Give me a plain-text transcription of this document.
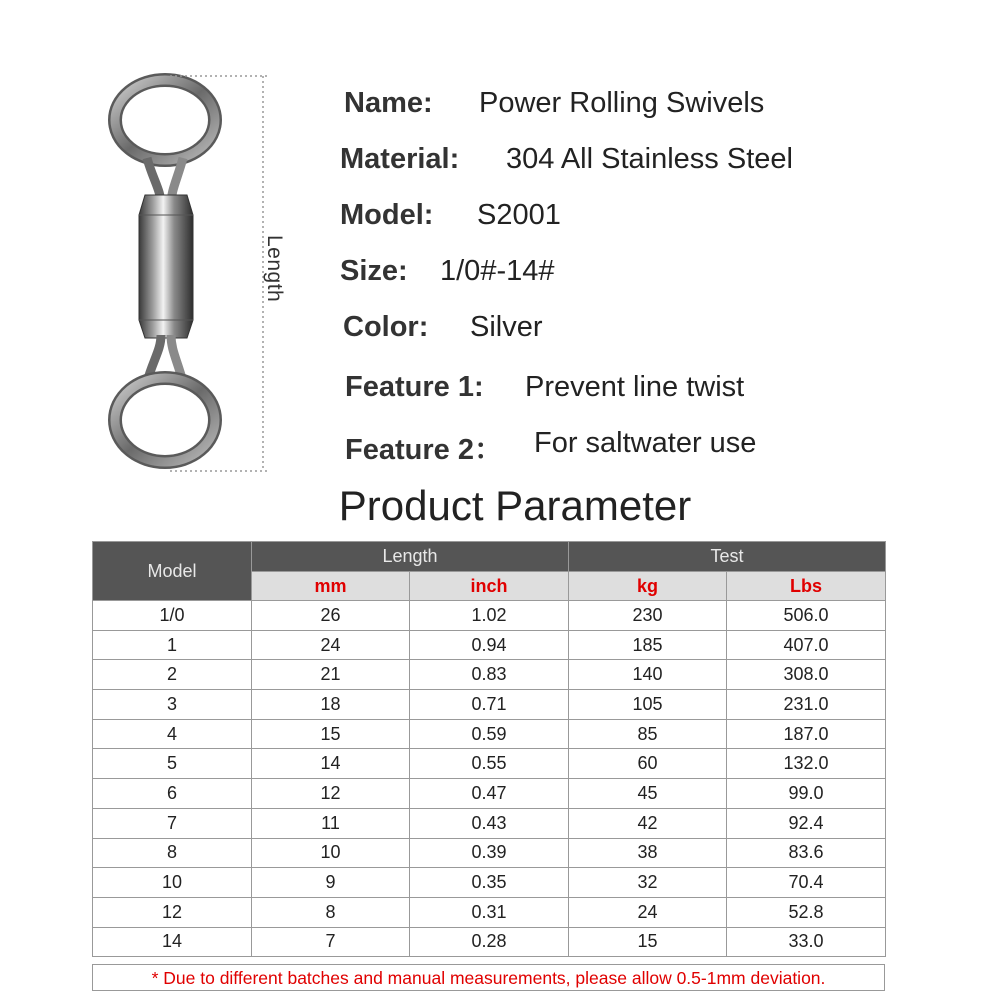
Length
Name: Power Rolling Swivels
Material: 304 All Stainless Steel
Model: S2001
Size: 1/0#-14#
Color: Silver
Feature 1: Prevent line twist
Feature 2： For saltwater use
Product Parameter
Model	Length		Test	
	mm	inch	kg	Lbs
1/0	26	1.02	230	506.0
1	24	0.94	185	407.0
2	21	0.83	140	308.0
3	18	0.71	105	231.0
4	15	0.59	85	187.0
5	14	0.55	60	132.0
6	12	0.47	45	99.0
7	11	0.43	42	92.4
8	10	0.39	38	83.6
10	9	0.35	32	70.4
12	8	0.31	24	52.8
14	7	0.28	15	33.0
* Due to different batches and manual measurements, please allow 0.5-1mm deviation.
